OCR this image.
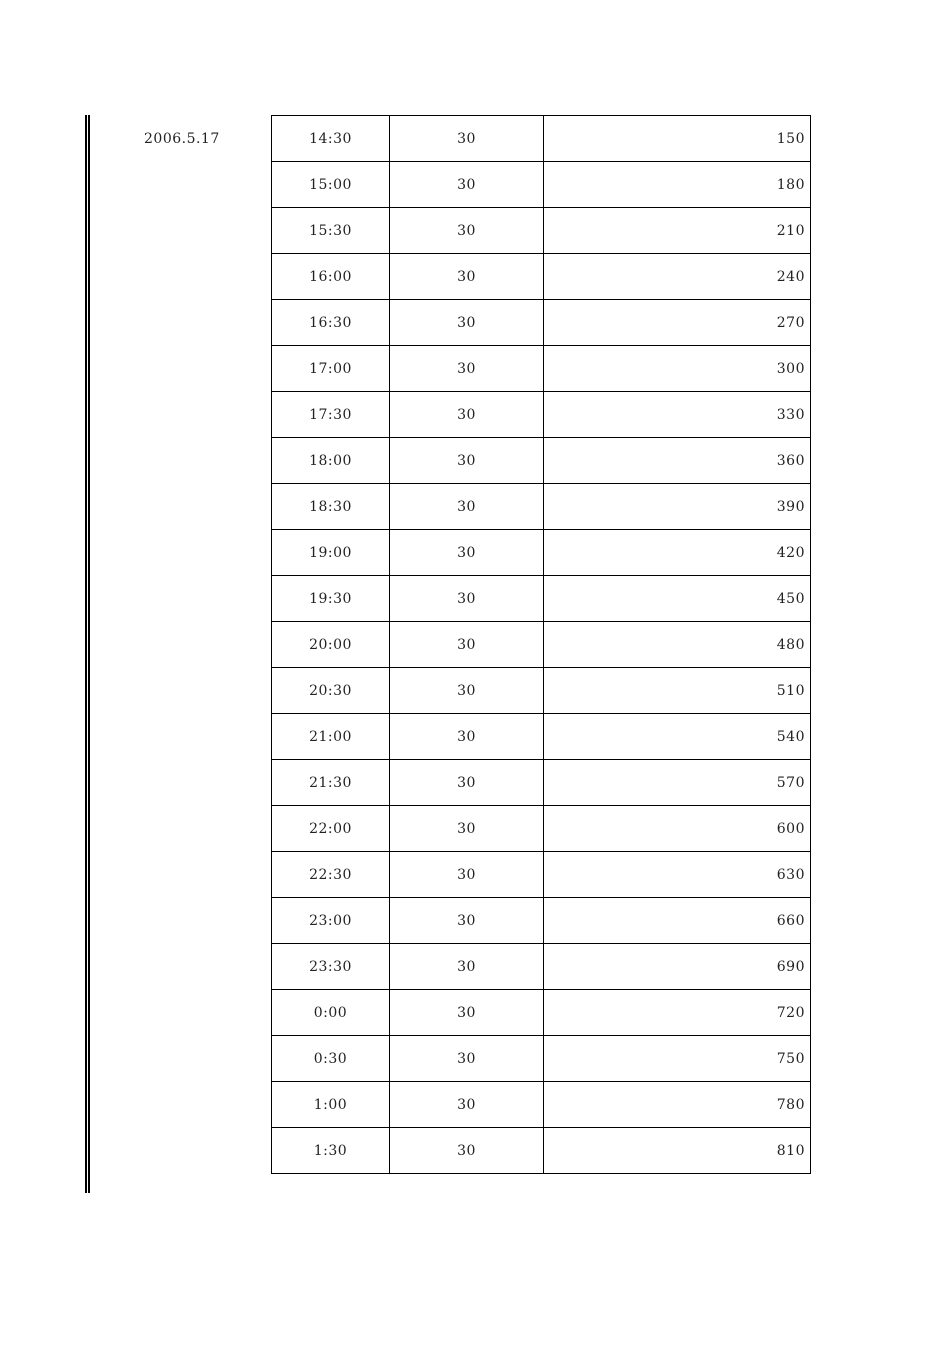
2006.5.17	14:30	30	150
15:00	30	180
15:30	30	210
16:00	30	240
16:30	30	270
17:00	30	300
17:30	30	330
18:00	30	360
18:30	30	390
19:00	30	420
19:30	30	450
20:00	30	480
20:30	30	510
21:00	30	540
21:30	30	570
22:00	30	600
22:30	30	630
23:00	30	660
23:30	30	690
0:00	30	720
0:30	30	750
1:00	30	780
1:30	30	810
